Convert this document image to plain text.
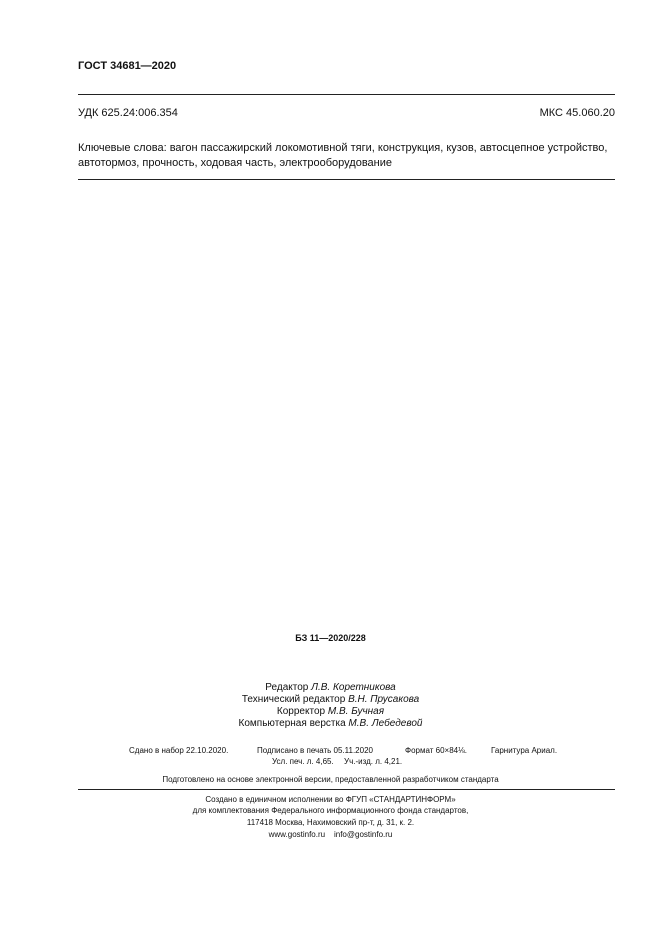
ГОСТ 34681—2020
УДК 625.24:006.354	МКС 45.060.20
Ключевые слова: вагон пассажирский локомотивной тяги, конструкция, кузов, автосцепное устройство,
автотормоз, прочность, ходовая часть, электрооборудование
БЗ 11—2020/228
Редактор Л.В. Коретникова
Технический редактор В.Н. Прусакова
Корректор М.В. Бучная
Компьютерная верстка М.В. Лебедевой
Сдано в набор 22.10.2020.	Подписано в печать 05.11.2020	Формат 60×84⅛.	Гарнитура Ариал.
Усл. печ. л. 4,65. Уч.-изд. л. 4,21.
Подготовлено на основе электронной версии, предоставленной разработчиком стандарта
Создано в единичном исполнении во ФГУП «СТАНДАРТИНФОРМ»
для комплектования Федерального информационного фонда стандартов,
117418 Москва, Нахимовский пр-т, д. 31, к. 2.
www.gostinfo.ru info@gostinfo.ru
